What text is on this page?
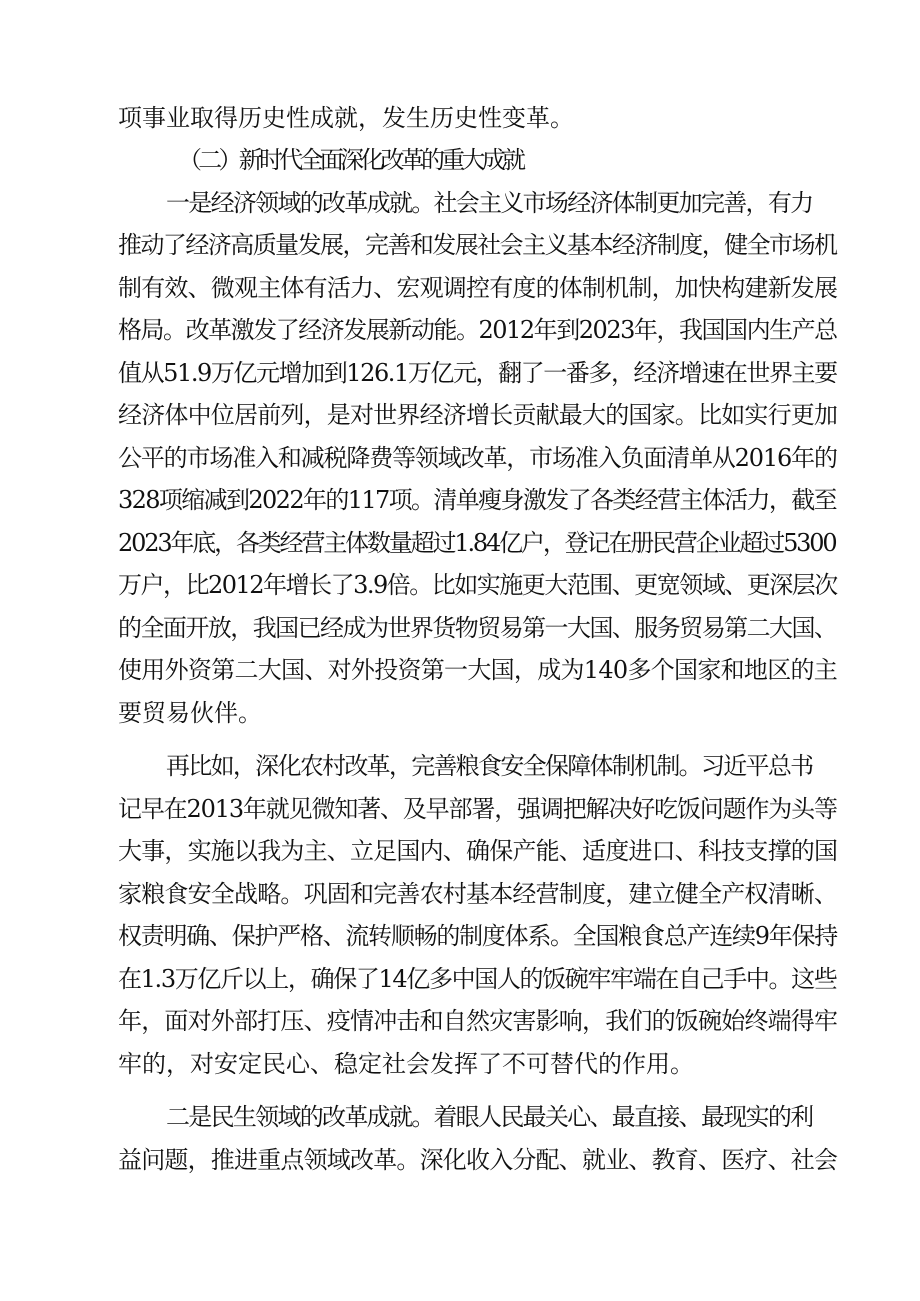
项事业取得历史性成就，发生历史性变革。
（二）新时代全面深化改革的重大成就
一是经济领域的改革成就。社会主义市场经济体制更加完善，有力
推动了经济高质量发展，完善和发展社会主义基本经济制度，健全市场机
制有效、微观主体有活力、宏观调控有度的体制机制，加快构建新发展
格局。改革激发了经济发展新动能。2012年到2023年，我国国内生产总
值从51.9万亿元增加到126.1万亿元，翻了一番多，经济增速在世界主要
经济体中位居前列，是对世界经济增长贡献最大的国家。比如实行更加
公平的市场准入和减税降费等领域改革，市场准入负面清单从2016年的
328项缩减到2022年的117项。清单瘦身激发了各类经营主体活力，截至
2023年底，各类经营主体数量超过1.84亿户，登记在册民营企业超过5300
万户，比2012年增长了3.9倍。比如实施更大范围、更宽领域、更深层次
的全面开放，我国已经成为世界货物贸易第一大国、服务贸易第二大国、
使用外资第二大国、对外投资第一大国，成为140多个国家和地区的主
要贸易伙伴。
再比如，深化农村改革，完善粮食安全保障体制机制。习近平总书
记早在2013年就见微知著、及早部署，强调把解决好吃饭问题作为头等
大事，实施以我为主、立足国内、确保产能、适度进口、科技支撑的国
家粮食安全战略。巩固和完善农村基本经营制度，建立健全产权清晰、
权责明确、保护严格、流转顺畅的制度体系。全国粮食总产连续9年保持
在1.3万亿斤以上，确保了14亿多中国人的饭碗牢牢端在自己手中。这些
年，面对外部打压、疫情冲击和自然灾害影响，我们的饭碗始终端得牢
牢的，对安定民心、稳定社会发挥了不可替代的作用。
二是民生领域的改革成就。着眼人民最关心、最直接、最现实的利
益问题，推进重点领域改革。深化收入分配、就业、教育、医疗、社会
